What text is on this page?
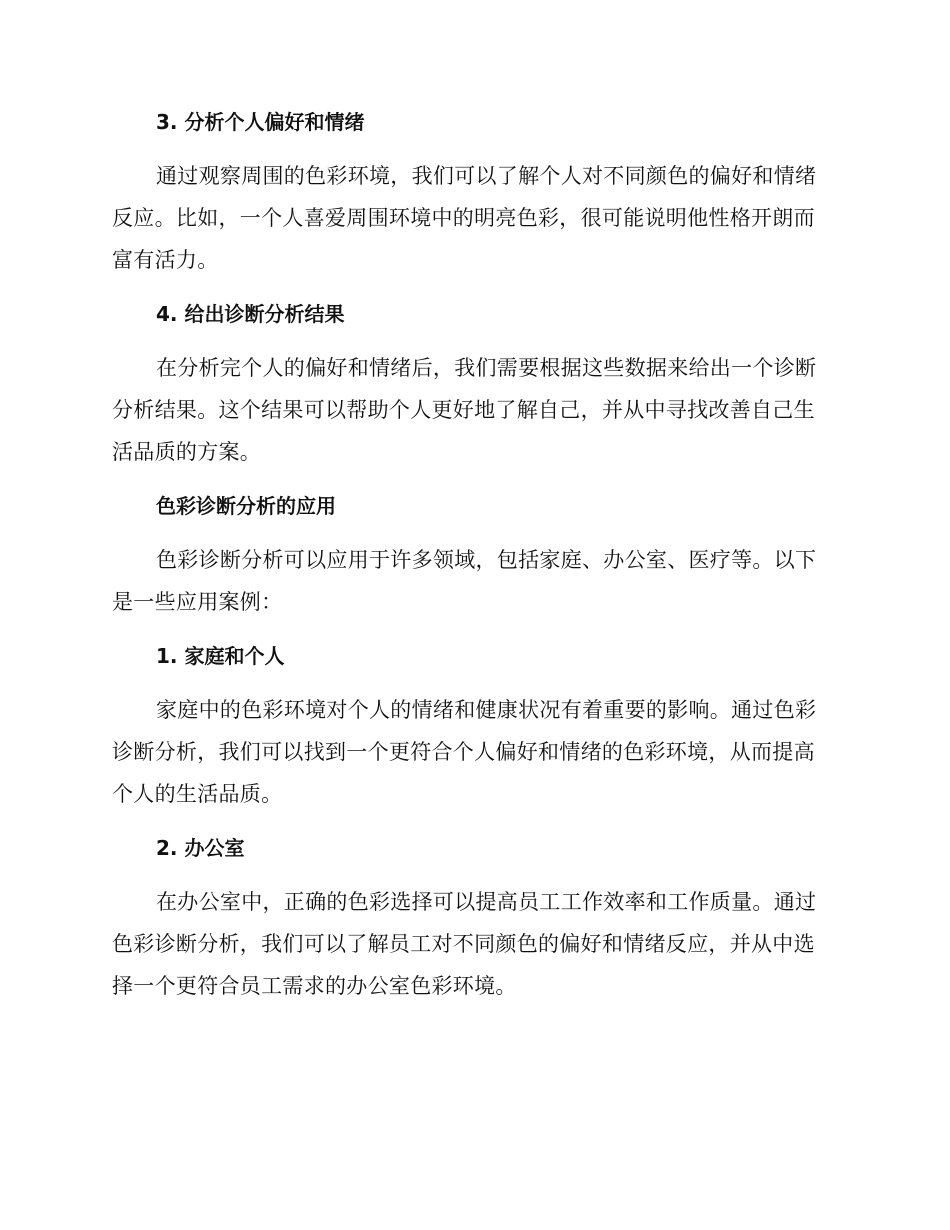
3. 分析个人偏好和情绪
通过观察周围的色彩环境，我们可以了解个人对不同颜色的偏好和情绪
反应。比如，一个人喜爱周围环境中的明亮色彩，很可能说明他性格开朗而
富有活力。
4. 给出诊断分析结果
在分析完个人的偏好和情绪后，我们需要根据这些数据来给出一个诊断
分析结果。这个结果可以帮助个人更好地了解自己，并从中寻找改善自己生
活品质的方案。
色彩诊断分析的应用
色彩诊断分析可以应用于许多领域，包括家庭、办公室、医疗等。以下
是一些应用案例：
1. 家庭和个人
家庭中的色彩环境对个人的情绪和健康状况有着重要的影响。通过色彩
诊断分析，我们可以找到一个更符合个人偏好和情绪的色彩环境，从而提高
个人的生活品质。
2. 办公室
在办公室中，正确的色彩选择可以提高员工工作效率和工作质量。通过
色彩诊断分析，我们可以了解员工对不同颜色的偏好和情绪反应，并从中选
择一个更符合员工需求的办公室色彩环境。
